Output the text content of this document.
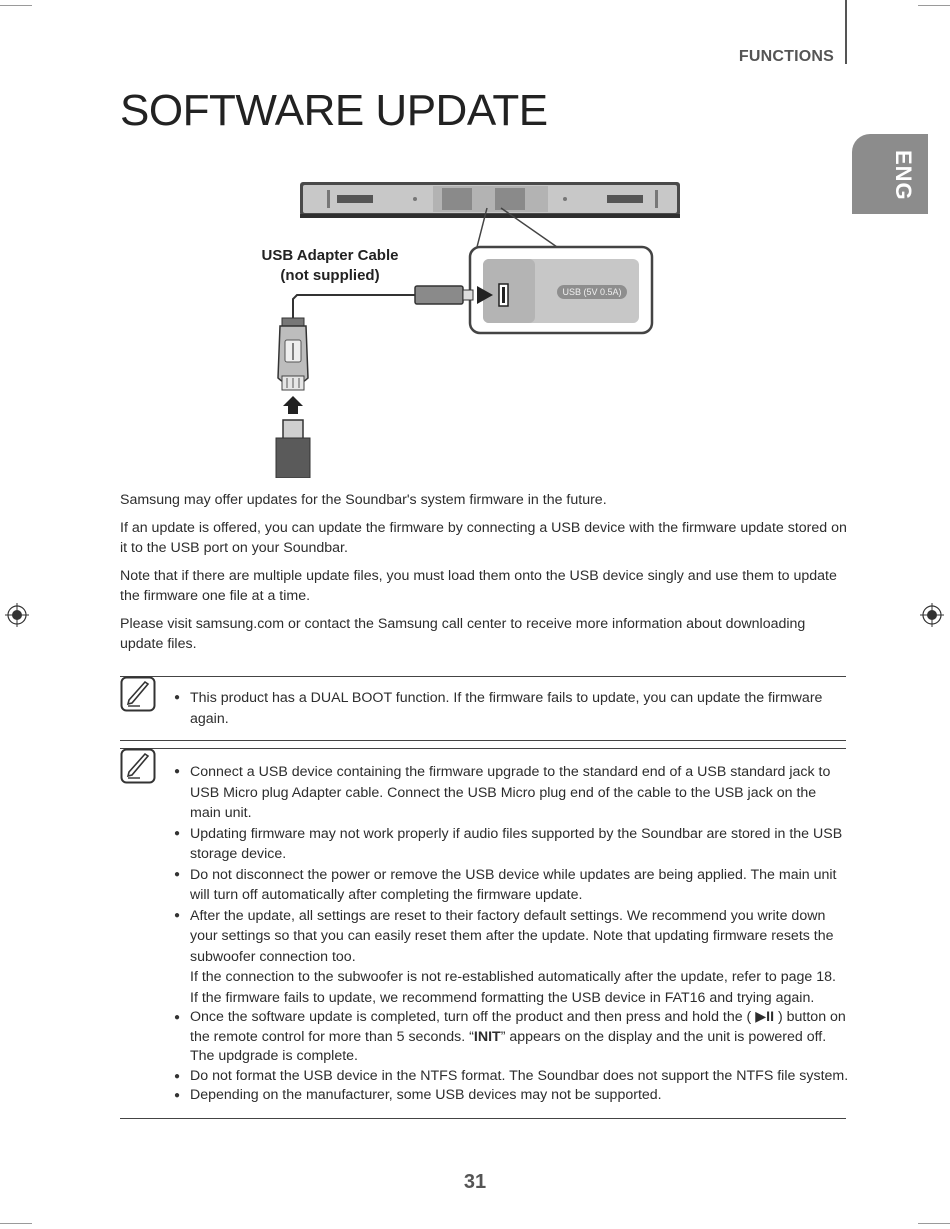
FUNCTIONS
ENG
SOFTWARE UPDATE
USB Adapter Cable
(not supplied)
USB (5V 0.5A)

Samsung may offer updates for the Soundbar's system firmware in the future.

If an update is offered, you can update the firmware by connecting a USB device with the firmware update stored on it to the USB port on your Soundbar.

Note that if there are multiple update files, you must load them onto the USB device singly and use them to update the firmware one file at a time.

Please visit samsung.com or contact the Samsung call center to receive more information about downloading update files.

● This product has a DUAL BOOT function. If the firmware fails to update, you can update the firmware again.
● Connect a USB device containing the firmware upgrade to the standard end of a USB standard jack to USB Micro plug Adapter cable. Connect the USB Micro plug end of the cable to the USB jack on the main unit.
● Updating firmware may not work properly if audio files supported by the Soundbar are stored in the USB storage device.
● Do not disconnect the power or remove the USB device while updates are being applied. The main unit will turn off automatically after completing the firmware update.
● After the update, all settings are reset to their factory default settings. We recommend you write down your settings so that you can easily reset them after the update. Note that updating firmware resets the subwoofer connection too.
If the connection to the subwoofer is not re-established automatically after the update, refer to page 18.
If the firmware fails to update, we recommend formatting the USB device in FAT16 and trying again.
● Once the software update is completed, turn off the product and then press and hold the ( ▶II ) button on the remote control for more than 5 seconds. “INIT” appears on the display and the unit is powered off. The updgrade is complete.
● Do not format the USB device in the NTFS format. The Soundbar does not support the NTFS file system.
● Depending on the manufacturer, some USB devices may not be supported.
31
